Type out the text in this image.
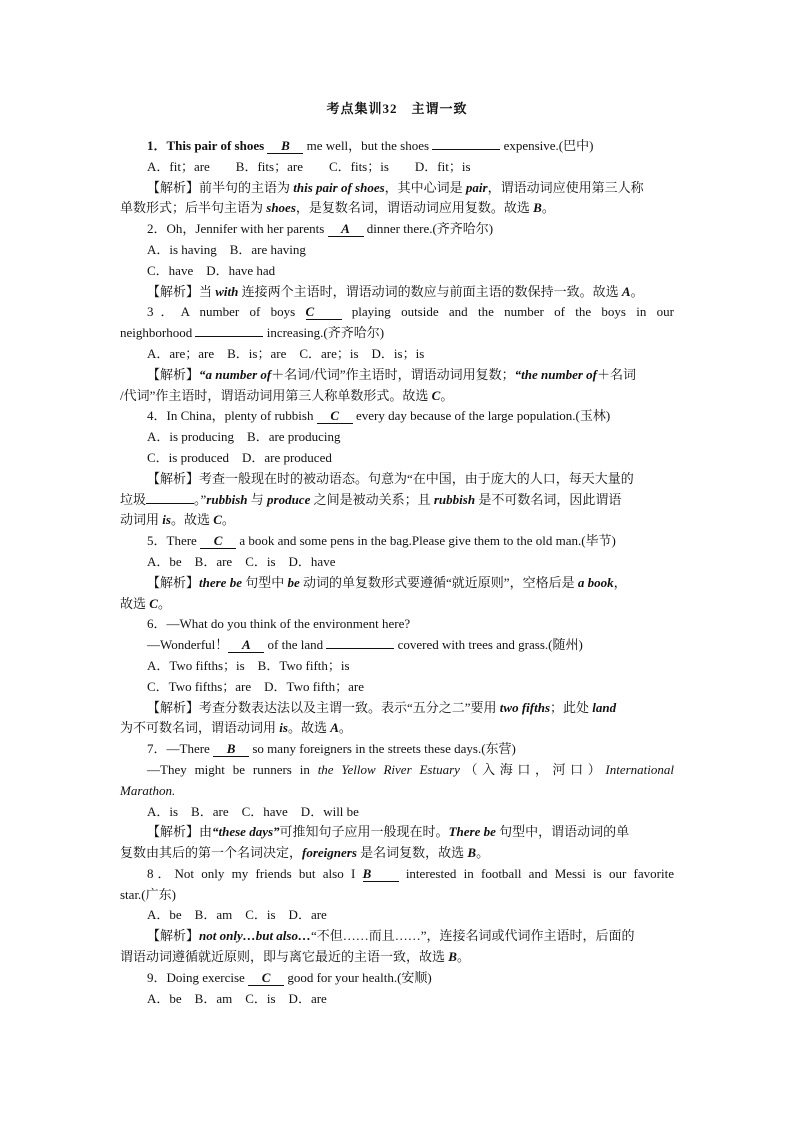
考点集训32　主谓一致
1．This pair of shoes B me well，but the shoes	expensive.(巴中)
A．fit；are　　B．fits；are　　C．fits；is　　D．fit；is
【解析】前半句的主语为 this pair of shoes，其中心词是 pair，谓语动词应使用第三人称
单数形式；后半句主语为 shoes，是复数名词，谓语动词应用复数。故选 B。
2．Oh，Jennifer with her parents A dinner there.(齐齐哈尔)
A．is having　B．are having
C．have　D．have had
【解析】当 with 连接两个主语时，谓语动词的数应与前面主语的数保持一致。故选 A。
3．A number of boys C playing outside and the number of the boys in our
neighborhood	increasing.(齐齐哈尔)
A．are；are　B．is；are　C．are；is　D．is；is
【解析】“a number of＋名词/代词”作主语时，谓语动词用复数；“the number of＋名词
/代词”作主语时，谓语动词用第三人称单数形式。故选 C。
4．In China，plenty of rubbish C every day because of the large population.(玉林)
A．is producing　B．are producing
C．is produced　D．are produced
【解析】考查一般现在时的被动语态。句意为“在中国，由于庞大的人口，每天大量的
垃圾	。”rubbish 与 produce 之间是被动关系；且 rubbish 是不可数名词，因此谓语
动词用 is。故选 C。
5．There C a book and some pens in the bag.Please give them to the old man.(毕节)
A．be　B．are　C．is　D．have
【解析】there be 句型中 be 动词的单复数形式要遵循“就近原则”，空格后是 a book，
故选 C。
6．—What do you think of the environment here?
—Wonderful！ A of the land	covered with trees and grass.(随州)
A．Two fifths；is　B．Two fifth；is
C．Two fifths；are　D．Two fifth；are
【解析】考查分数表达法以及主谓一致。表示“五分之二”要用 two fifths；此处 land
为不可数名词，谓语动词用 is。故选 A。
7．—There B so many foreigners in the streets these days.(东营)
—They might be runners in the Yellow River Estuary（入海口，河口）International
Marathon.
A．is　B．are　C．have　D．will be
【解析】由“these days”可推知句子应用一般现在时。There be 句型中，谓语动词的单
复数由其后的第一个名词决定，foreigners 是名词复数，故选 B。
8．Not only my friends but also I B interested in football and Messi is our favorite
star.(广东)
A．be　B．am　C．is　D．are
【解析】not only…but also…“不但……而且……”，连接名词或代词作主语时，后面的
谓语动词遵循就近原则，即与离它最近的主语一致，故选 B。
9．Doing exercise C good for your health.(安顺)
A．be　B．am　C．is　D．are
